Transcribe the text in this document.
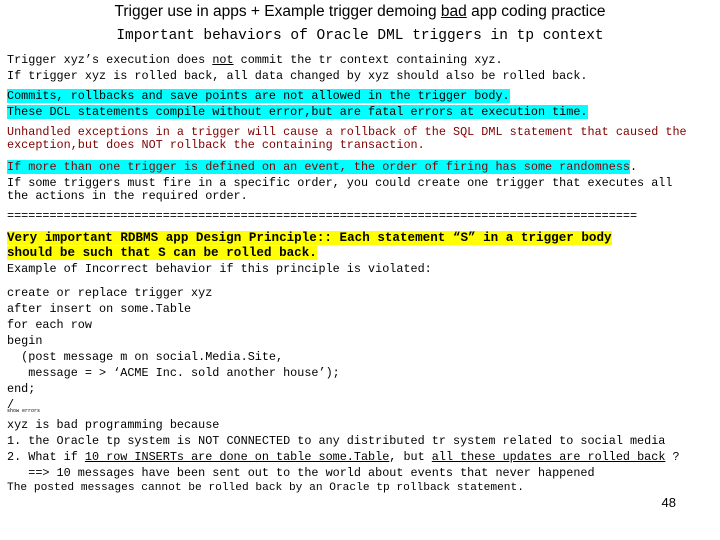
Trigger use in apps + Example trigger demoing bad app coding practice
Important behaviors of Oracle DML triggers in tp context
Trigger xyz’s execution does not commit the tr context containing xyz.
If trigger xyz is rolled back, all data changed by xyz should also be rolled back.
Commits, rollbacks and save points are not allowed in the trigger body.
These DCL statements compile without error,but are fatal errors at execution time.
Unhandled exceptions in a trigger will cause a rollback of the SQL DML statement that caused the
exception,but does NOT rollback the containing transaction.
If more than one trigger is defined on an event, the order of firing has some randomness.
If some triggers must fire in a specific order, you could create one trigger that executes all
the actions in the required order.
=========================================================================================
Very important RDBMS app Design Principle:: Each statement “S” in a trigger body
should be such that S can be rolled back.
Example of Incorrect behavior if this principle is violated:
create or replace trigger xyz
after insert on some.Table
for each row
begin
(post message m on social.Media.Site,
message = > ‘ACME Inc. sold another house’);
end;
/
show errors
xyz is bad programming because
1. the Oracle tp system is NOT CONNECTED to any distributed tr system related to social media
2. What if 10 row INSERTs are done on table some.Table, but all these updates are rolled back ?
==> 10 messages have been sent out to the world about events that never happened
The posted messages cannot be rolled back by an Oracle tp rollback statement.
48
